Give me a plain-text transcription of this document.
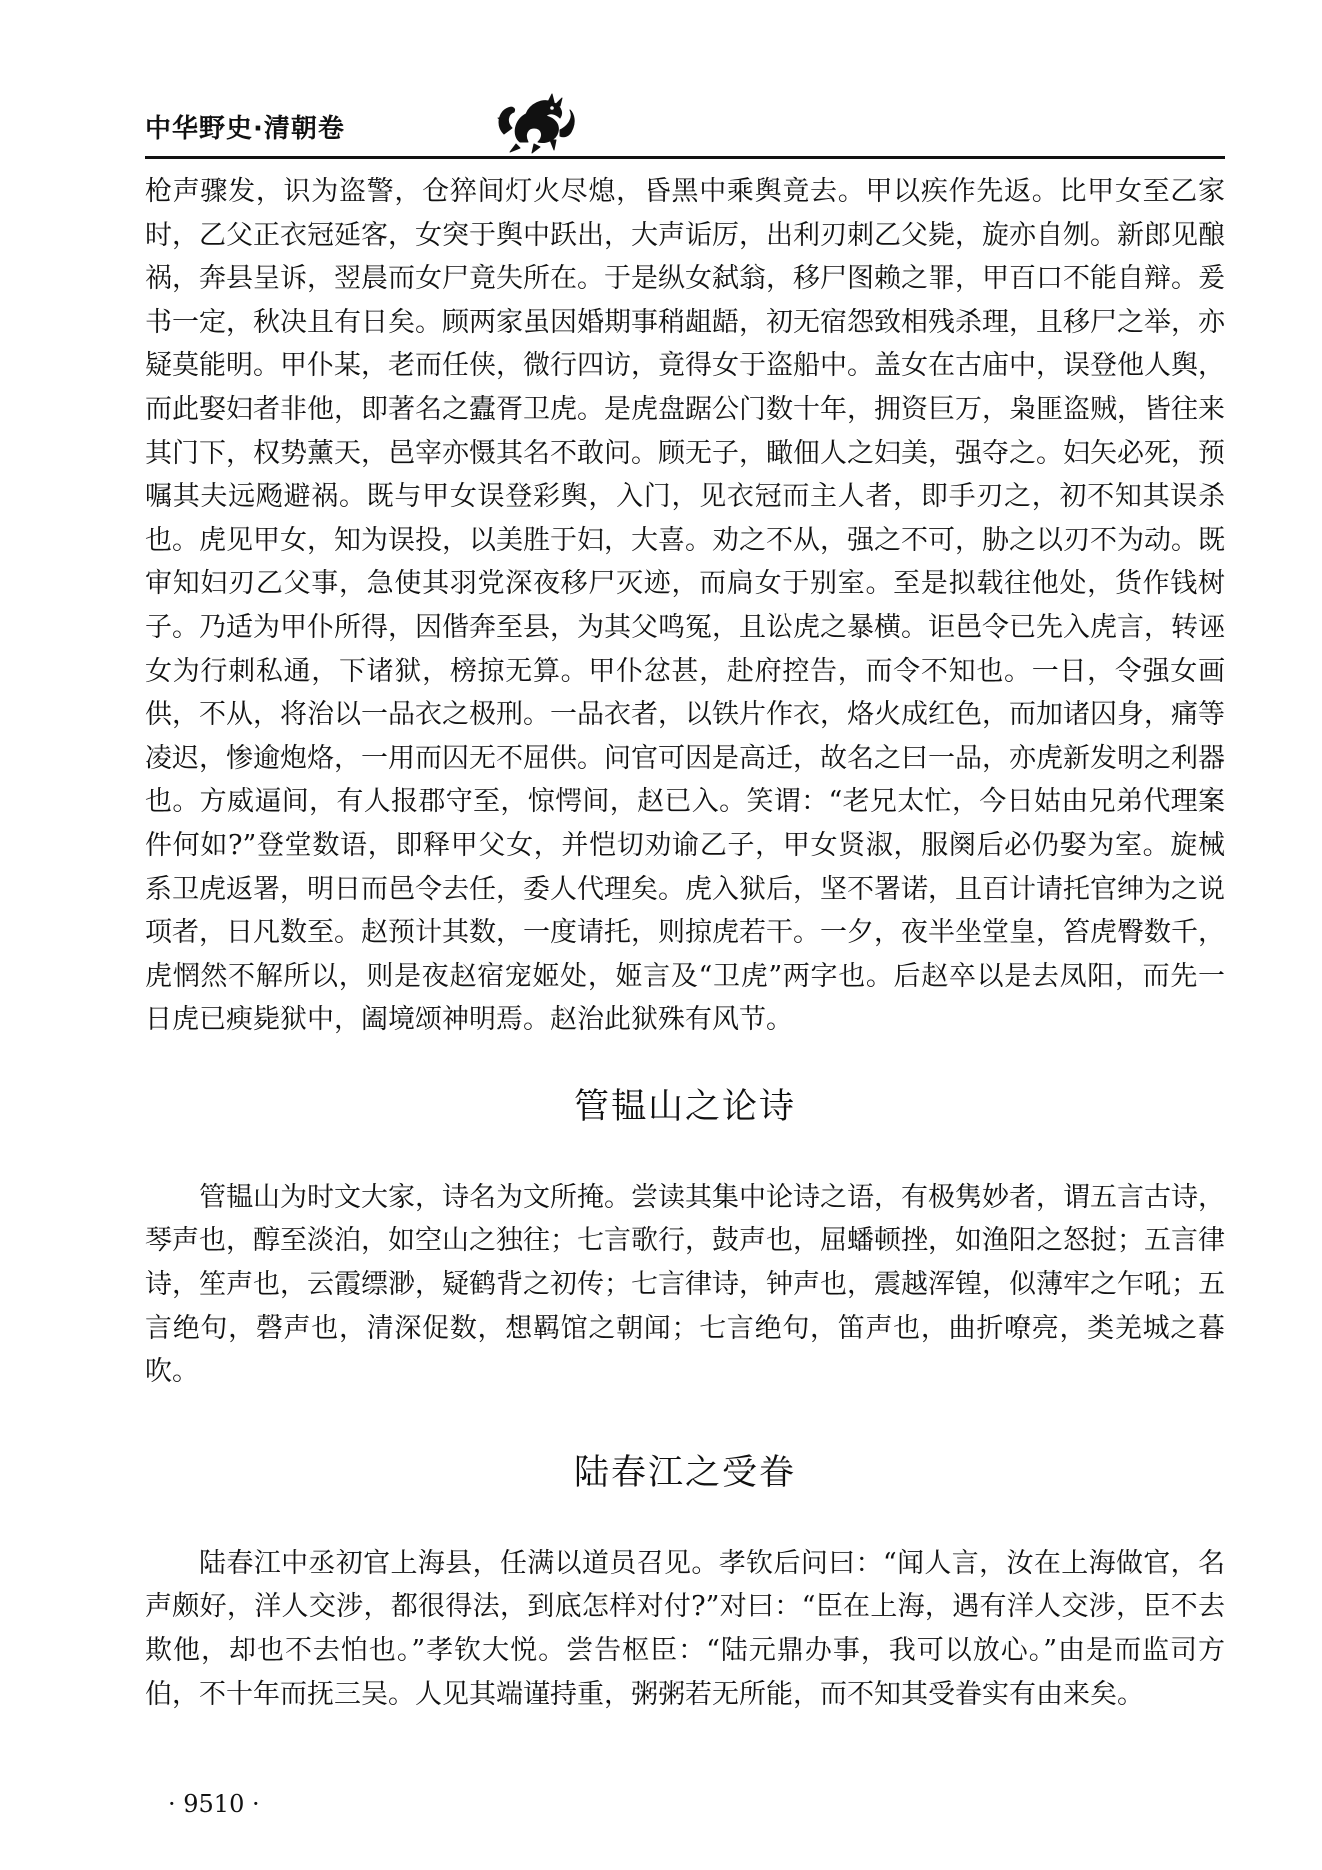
中华野史·清朝卷

枪声骤发，识为盗警，仓猝间灯火尽熄，昏黑中乘舆竟去。甲以疾作先返。比甲女至乙家时，乙父正衣冠延客，女突于舆中跃出，大声诟厉，出利刃刺乙父毙，旋亦自刎。新郎见酿祸，奔县呈诉，翌晨而女尸竟失所在。于是纵女弑翁，移尸图赖之罪，甲百口不能自辩。爰书一定，秋决且有日矣。顾两家虽因婚期事稍龃龉，初无宿怨致相残杀理，且移尸之举，亦疑莫能明。甲仆某，老而任侠，微行四访，竟得女于盗船中。盖女在古庙中，误登他人舆，而此娶妇者非他，即著名之蠹胥卫虎。是虎盘踞公门数十年，拥资巨万，枭匪盗贼，皆往来其门下，权势薰天，邑宰亦慑其名不敢问。顾无子，瞰佃人之妇美，强夺之。妇矢必死，预嘱其夫远飏避祸。既与甲女误登彩舆，入门，见衣冠而主人者，即手刃之，初不知其误杀也。虎见甲女，知为误投，以美胜于妇，大喜。劝之不从，强之不可，胁之以刃不为动。既审知妇刃乙父事，急使其羽党深夜移尸灭迹，而扃女于别室。至是拟载往他处，货作钱树子。乃适为甲仆所得，因偕奔至县，为其父鸣冤，且讼虎之暴横。讵邑令已先入虎言，转诬女为行刺私通，下诸狱，榜掠无算。甲仆忿甚，赴府控告，而令不知也。一日，令强女画供，不从，将治以一品衣之极刑。一品衣者，以铁片作衣，烙火成红色，而加诸囚身，痛等凌迟，惨逾炮烙，一用而囚无不屈供。问官可因是高迁，故名之曰一品，亦虎新发明之利器也。方威逼间，有人报郡守至，惊愕间，赵已入。笑谓：“老兄太忙，今日姑由兄弟代理案件何如?”登堂数语，即释甲父女，并恺切劝谕乙子，甲女贤淑，服阕后必仍娶为室。旋械系卫虎返署，明日而邑令去任，委人代理矣。虎入狱后，坚不署诺，且百计请托官绅为之说项者，日凡数至。赵预计其数，一度请托，则掠虎若干。一夕，夜半坐堂皇，笞虎臀数千，虎惘然不解所以，则是夜赵宿宠姬处，姬言及“卫虎”两字也。后赵卒以是去凤阳，而先一日虎已瘐毙狱中，阖境颂神明焉。赵治此狱殊有风节。

管韫山之论诗

管韫山为时文大家，诗名为文所掩。尝读其集中论诗之语，有极隽妙者，谓五言古诗，琴声也，醇至淡泊，如空山之独往；七言歌行，鼓声也，屈蟠顿挫，如渔阳之怒挝；五言律诗，笙声也，云霞缥渺，疑鹤背之初传；七言律诗，钟声也，震越浑锽，似薄牢之乍吼；五言绝句，磬声也，清深促数，想羁馆之朝闻；七言绝句，笛声也，曲折嘹亮，类羌城之暮吹。

陆春江之受眷

陆春江中丞初官上海县，任满以道员召见。孝钦后问曰：“闻人言，汝在上海做官，名声颇好，洋人交涉，都很得法，到底怎样对付?”对曰：“臣在上海，遇有洋人交涉，臣不去欺他，却也不去怕也。”孝钦大悦。尝告枢臣：“陆元鼎办事，我可以放心。”由是而监司方伯，不十年而抚三吴。人见其端谨持重，粥粥若无所能，而不知其受眷实有由来矣。

· 9510 ·
